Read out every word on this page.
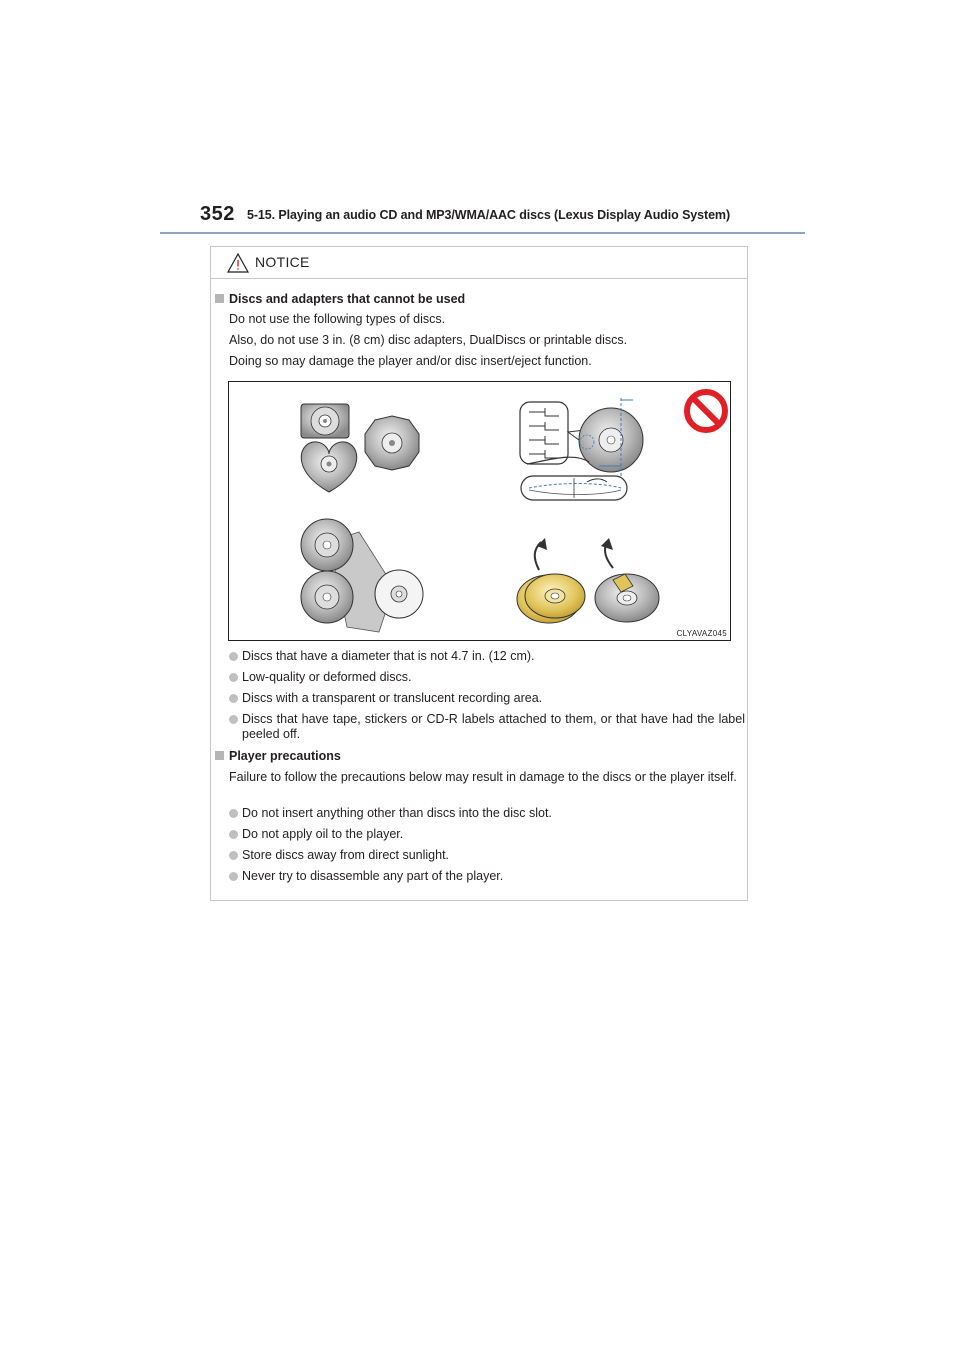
352 5-15. Playing an audio CD and MP3/WMA/AAC discs (Lexus Display Audio System)
NOTICE
Discs and adapters that cannot be used
Do not use the following types of discs.
Also, do not use 3 in. (8 cm) disc adapters, DualDiscs or printable discs.
Doing so may damage the player and/or disc insert/eject function.
Discs that have a diameter that is not 4.7 in. (12 cm).
Low-quality or deformed discs.
Discs with a transparent or translucent recording area.
Discs that have tape, stickers or CD-R labels attached to them, or that have had the label peeled off.
Player precautions
Failure to follow the precautions below may result in damage to the discs or the player itself.
Do not insert anything other than discs into the disc slot.
Do not apply oil to the player.
Store discs away from direct sunlight.
Never try to disassemble any part of the player.
CLYAVAZ045
